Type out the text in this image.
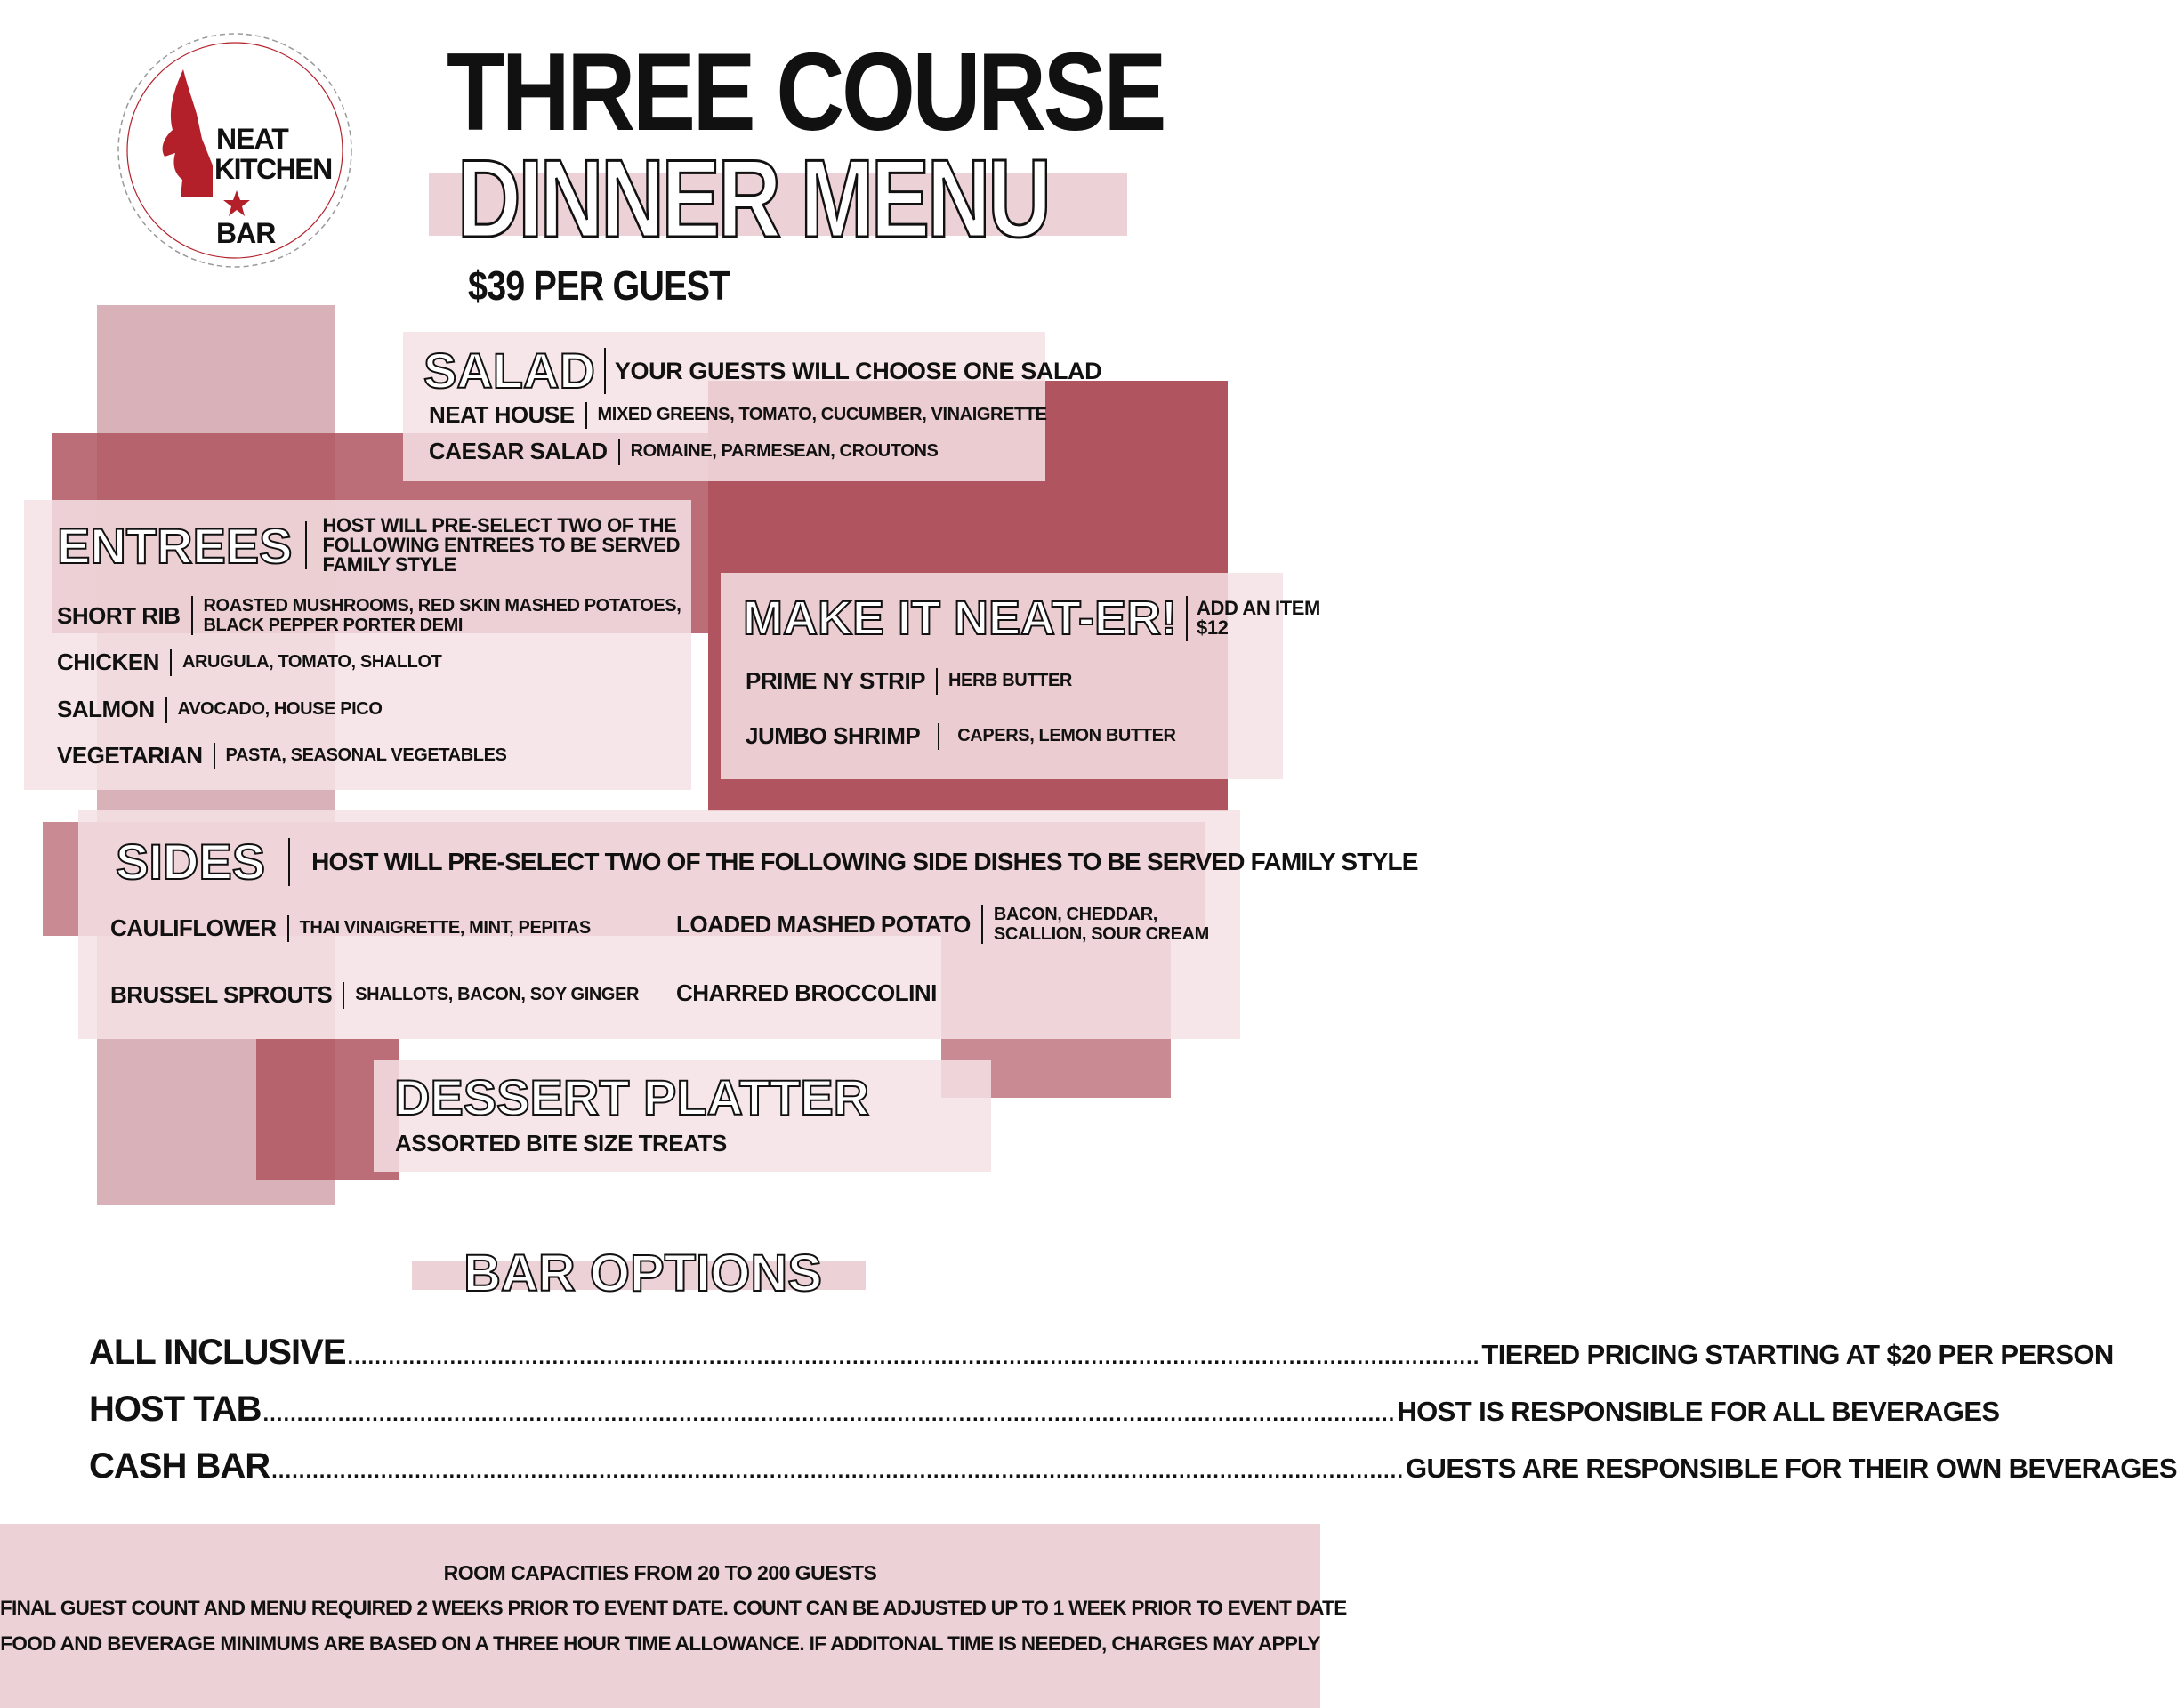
NEAT
KITCHEN
BAR
THREE COURSE
DINNER MENU
$39 PER GUEST
SALAD YOUR GUESTS WILL CHOOSE ONE SALAD
NEAT HOUSE MIXED GREENS, TOMATO, CUCUMBER, VINAIGRETTE
CAESAR SALAD ROMAINE, PARMESEAN, CROUTONS
ENTREES HOST WILL PRE-SELECT TWO OF THE
FOLLOWING ENTREES TO BE SERVED
FAMILY STYLE
SHORT RIB ROASTED MUSHROOMS, RED SKIN MASHED POTATOES,
BLACK PEPPER PORTER DEMI
CHICKEN ARUGULA, TOMATO, SHALLOT
SALMON AVOCADO, HOUSE PICO
VEGETARIAN PASTA, SEASONAL VEGETABLES
MAKE IT NEAT-ER! ADD AN ITEM
$12
PRIME NY STRIP HERB BUTTER
JUMBO SHRIMP CAPERS, LEMON BUTTER
SIDES HOST WILL PRE-SELECT TWO OF THE FOLLOWING SIDE DISHES TO BE SERVED FAMILY STYLE
CAULIFLOWER THAI VINAIGRETTE, MINT, PEPITAS
BRUSSEL SPROUTS SHALLOTS, BACON, SOY GINGER
LOADED MASHED POTATO BACON, CHEDDAR,
SCALLION, SOUR CREAM
CHARRED BROCCOLINI
DESSERT PLATTER
ASSORTED BITE SIZE TREATS
BAR OPTIONS
ALL INCLUSIVE ...................................................................................................................................................................... TIERED PRICING STARTING AT $20 PER PERSON
HOST TAB ...................................................................................................................................................................... HOST IS RESPONSIBLE FOR ALL BEVERAGES
CASH BAR ...................................................................................................................................................................... GUESTS ARE RESPONSIBLE FOR THEIR OWN BEVERAGES
ROOM CAPACITIES FROM 20 TO 200 GUESTS
FINAL GUEST COUNT AND MENU REQUIRED 2 WEEKS PRIOR TO EVENT DATE. COUNT CAN BE ADJUSTED UP TO 1 WEEK PRIOR TO EVENT DATE
FOOD AND BEVERAGE MINIMUMS ARE BASED ON A THREE HOUR TIME ALLOWANCE. IF ADDITONAL TIME IS NEEDED, CHARGES MAY APPLY
